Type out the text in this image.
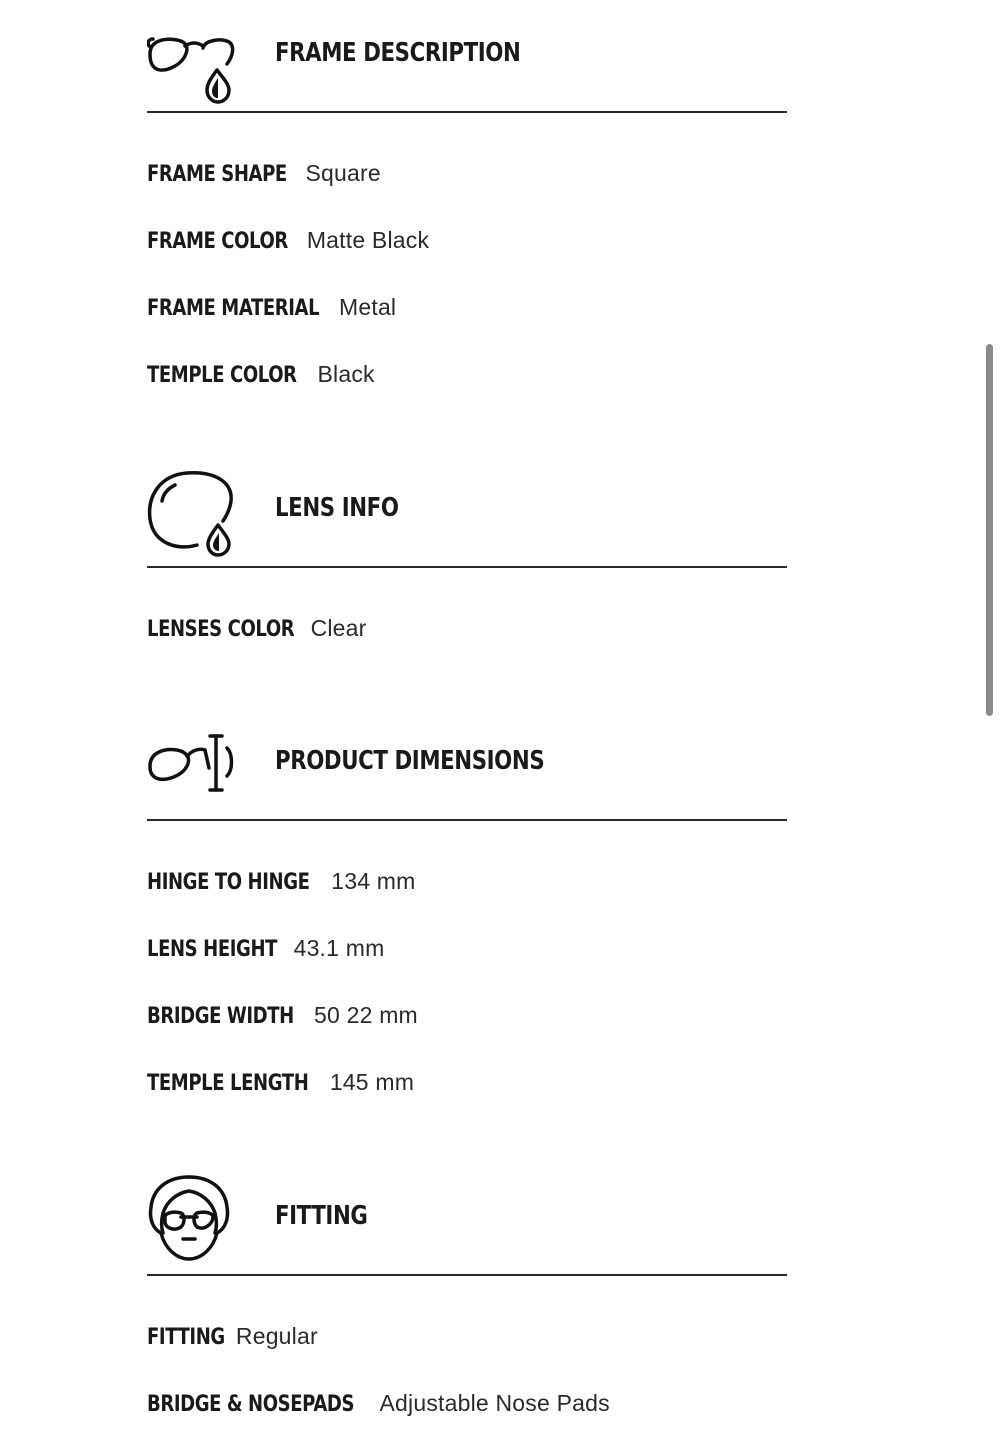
FRAME DESCRIPTION
FRAME SHAPE Square
FRAME COLOR Matte Black
FRAME MATERIAL Metal
TEMPLE COLOR Black
LENS INFO
LENSES COLOR Clear
PRODUCT DIMENSIONS
HINGE TO HINGE 134 mm
LENS HEIGHT 43.1 mm
BRIDGE WIDTH 50 22 mm
TEMPLE LENGTH 145 mm
FITTING
FITTING Regular
BRIDGE & NOSEPADS Adjustable Nose Pads
